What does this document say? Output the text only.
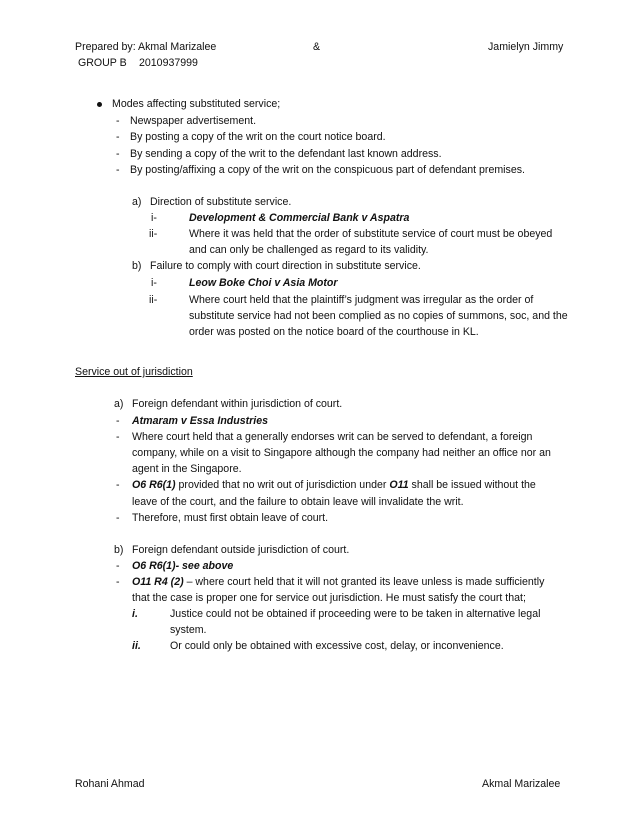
Prepared by: Akmal Marizalee	&	Jamielyn Jimmy
GROUP B 2010937999
Modes affecting substituted service;
- Newspaper advertisement.
- By posting a copy of the writ on the court notice board.
- By sending a copy of the writ to the defendant last known address.
- By posting/affixing a copy of the writ on the conspicuous part of defendant premises.
a) Direction of substitute service.
i-	Development & Commercial Bank v Aspatra
ii-	Where it was held that the order of substitute service of court must be obeyed
and can only be challenged as regard to its validity.
b) Failure to comply with court direction in substitute service.
i-	Leow Boke Choi v Asia Motor
ii-	Where court held that the plaintiff’s judgment was irregular as the order of
substitute service had not been complied as no copies of summons, soc, and the
order was posted on the notice board of the courthouse in KL.
Service out of jurisdiction
a) Foreign defendant within jurisdiction of court.
- Atmaram v Essa Industries
- Where court held that a generally endorses writ can be served to defendant, a foreign
company, while on a visit to Singapore although the company had neither an office nor an
agent in the Singapore.
- O6 R6(1) provided that no writ out of jurisdiction under O11 shall be issued without the
leave of the court, and the failure to obtain leave will invalidate the writ.
- Therefore, must first obtain leave of court.
b) Foreign defendant outside jurisdiction of court.
- O6 R6(1)- see above
- O11 R4 (2) – where court held that it will not granted its leave unless is made sufficiently
that the case is proper one for service out jurisdiction. He must satisfy the court that;
i.	Justice could not be obtained if proceeding were to be taken in alternative legal
system.
ii.	Or could only be obtained with excessive cost, delay, or inconvenience.
Rohani Ahmad	Akmal Marizalee
